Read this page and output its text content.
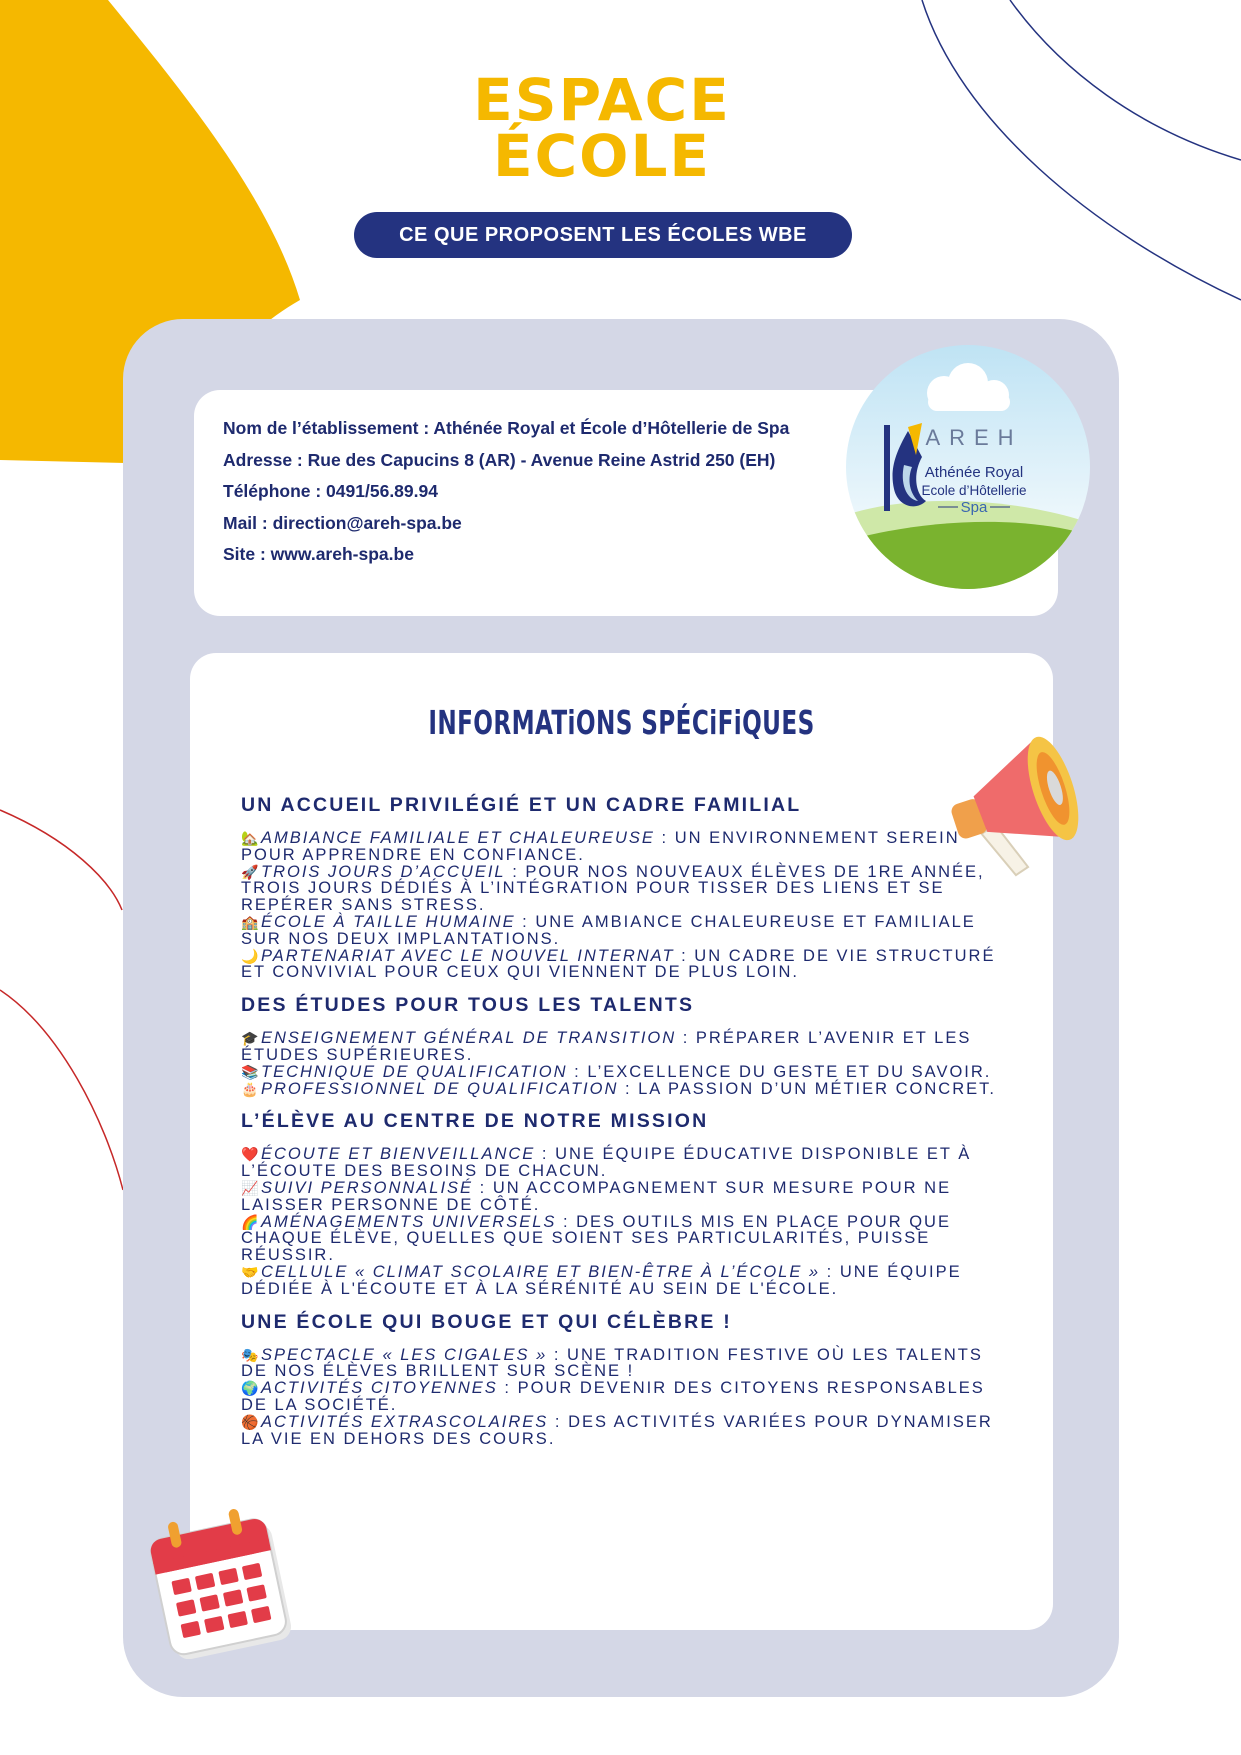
ESPACE
ÉCOLE
CE QUE PROPOSENT LES ÉCOLES WBE
Nom de l’établissement : Athénée Royal et École d’Hôtellerie de Spa
Adresse : Rue des Capucins 8 (AR) - Avenue Reine Astrid 250 (EH)
Téléphone : 0491/56.89.94
Mail : direction@areh-spa.be
Site : www.areh-spa.be
AREH
Athénée Royal
Ecole d’Hôtellerie
Spa
INFORMATiONS SPÉCiFiQUES
UN ACCUEIL PRIVILÉGIÉ ET UN CADRE FAMILIAL
🏡AMBIANCE FAMILIALE ET CHALEUREUSE : UN ENVIRONNEMENT SEREIN POUR APPRENDRE EN CONFIANCE.
🚀TROIS JOURS D’ACCUEIL : POUR NOS NOUVEAUX ÉLÈVES DE 1RE ANNÉE, TROIS JOURS DÉDIÉS À L’INTÉGRATION POUR TISSER DES LIENS ET SE REPÉRER SANS STRESS.
🏫ÉCOLE À TAILLE HUMAINE : UNE AMBIANCE CHALEUREUSE ET FAMILIALE SUR NOS DEUX IMPLANTATIONS.
🌙PARTENARIAT AVEC LE NOUVEL INTERNAT : UN CADRE DE VIE STRUCTURÉ ET CONVIVIAL POUR CEUX QUI VIENNENT DE PLUS LOIN.
DES ÉTUDES POUR TOUS LES TALENTS
🎓ENSEIGNEMENT GÉNÉRAL DE TRANSITION : PRÉPARER L’AVENIR ET LES ÉTUDES SUPÉRIEURES.
📚TECHNIQUE DE QUALIFICATION : L’EXCELLENCE DU GESTE ET DU SAVOIR.
🎂PROFESSIONNEL DE QUALIFICATION : LA PASSION D’UN MÉTIER CONCRET.
L’ÉLÈVE AU CENTRE DE NOTRE MISSION
❤️ÉCOUTE ET BIENVEILLANCE : UNE ÉQUIPE ÉDUCATIVE DISPONIBLE ET À L’ÉCOUTE DES BESOINS DE CHACUN.
📈SUIVI PERSONNALISÉ : UN ACCOMPAGNEMENT SUR MESURE POUR NE LAISSER PERSONNE DE CÔTÉ.
🌈AMÉNAGEMENTS UNIVERSELS : DES OUTILS MIS EN PLACE POUR QUE CHAQUE ÉLÈVE, QUELLES QUE SOIENT SES PARTICULARITÉS, PUISSE RÉUSSIR.
🤝CELLULE « CLIMAT SCOLAIRE ET BIEN-ÊTRE À L’ÉCOLE » : UNE ÉQUIPE DÉDIÉE À L'ÉCOUTE ET À LA SÉRÉNITÉ AU SEIN DE L'ÉCOLE.
UNE ÉCOLE QUI BOUGE ET QUI CÉLÈBRE !
🎭SPECTACLE « LES CIGALES » : UNE TRADITION FESTIVE OÙ LES TALENTS DE NOS ÉLÈVES BRILLENT SUR SCÈNE !
🌍ACTIVITÉS CITOYENNES : POUR DEVENIR DES CITOYENS RESPONSABLES DE LA SOCIÉTÉ.
🏀ACTIVITÉS EXTRASCOLAIRES : DES ACTIVITÉS VARIÉES POUR DYNAMISER LA VIE EN DEHORS DES COURS.
